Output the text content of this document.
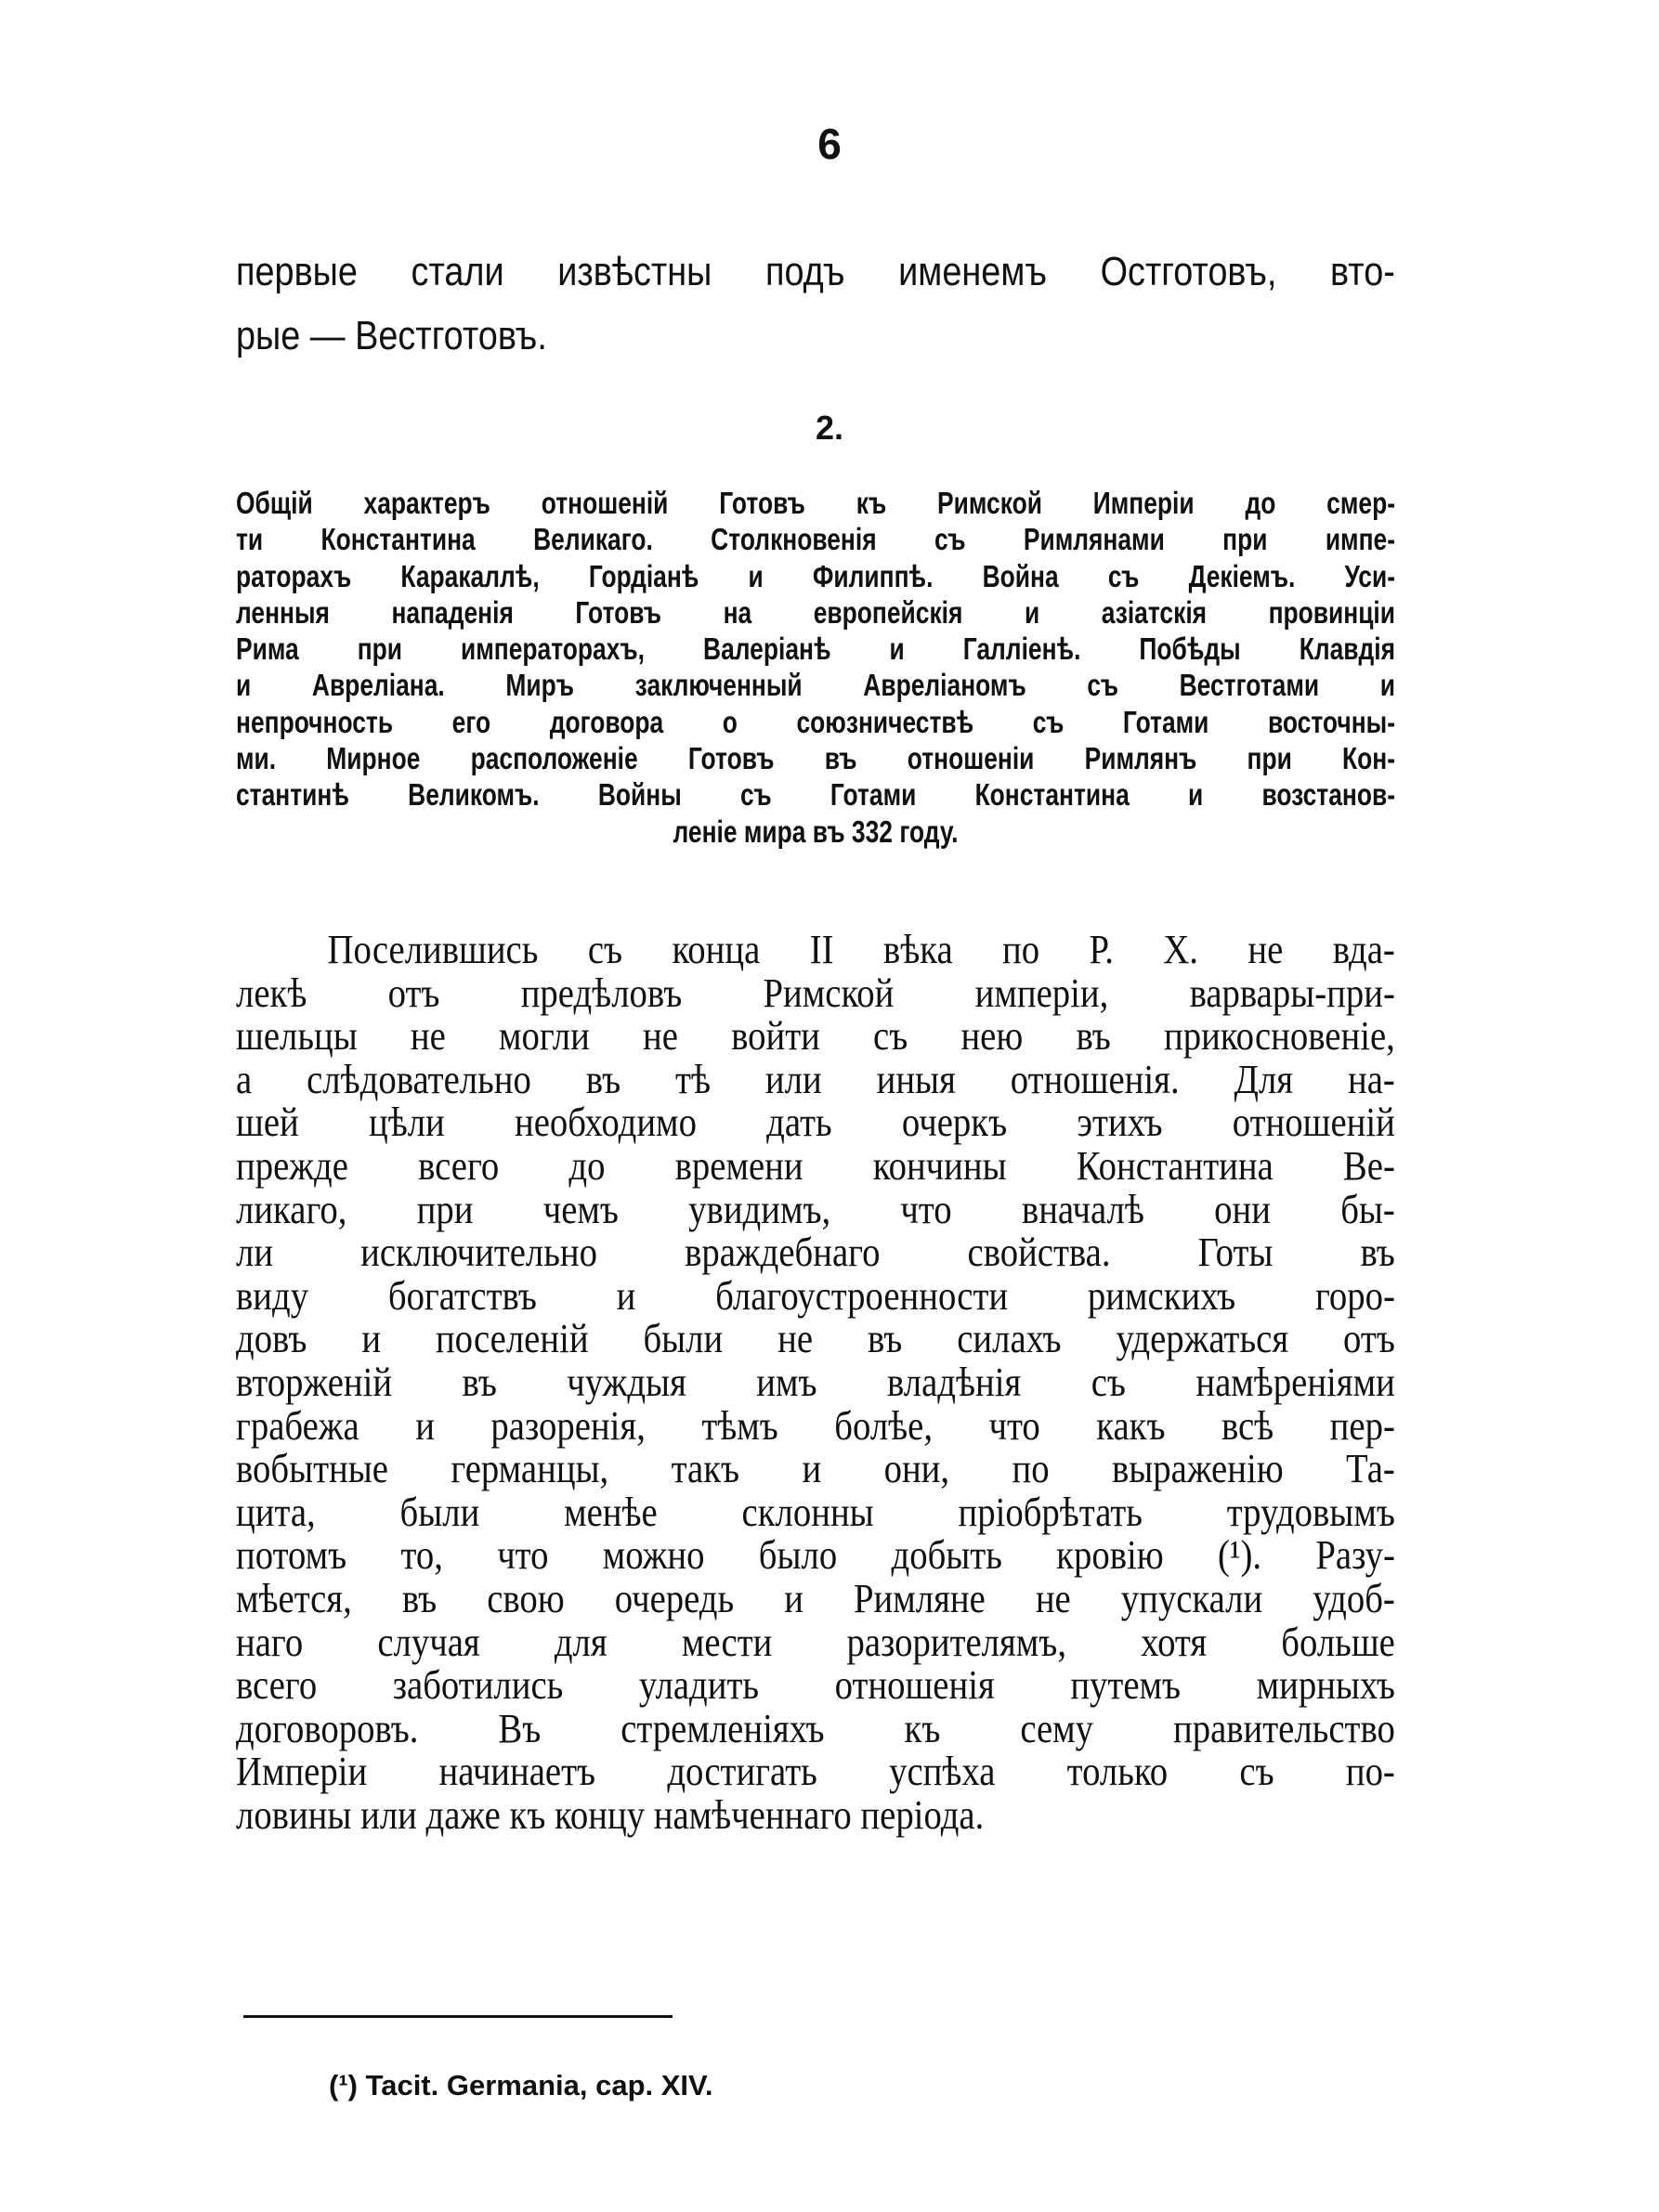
6
первые стали извѣстны подъ именемъ Остготовъ, вто-
рые — Вестготовъ.
2.
Общій характеръ отношеній Готовъ къ Римской Имперіи до смер-
ти Константина Великаго. Столкновенія съ Римлянами при импе-
раторахъ Каракаллѣ, Гордіанѣ и Филиппѣ. Война съ Декіемъ. Уси-
ленныя нападенія Готовъ на европейскія и азіатскія провинціи
Рима при императорахъ, Валеріанѣ и Галліенѣ. Побѣды Клавдія
и Авреліана. Миръ заключенный Авреліаномъ съ Вестготами и
непрочность его договора о союзничествѣ съ Готами восточны-
ми. Мирное расположеніе Готовъ въ отношеніи Римлянъ при Кон-
стантинѣ Великомъ. Войны съ Готами Константина и возстанов-
леніе мира въ 332 году.
Поселившись съ конца II вѣка по Р. Х. не вда-
лекѣ отъ предѣловъ Римской имперіи, варвары-при-
шельцы не могли не войти съ нею въ прикосновеніе,
а слѣдовательно въ тѣ или иныя отношенія. Для на-
шей цѣли необходимо дать очеркъ этихъ отношеній
прежде всего до времени кончины Константина Ве-
ликаго, при чемъ увидимъ, что вначалѣ они бы-
ли исключительно враждебнаго свойства. Готы въ
виду богатствъ и благоустроенности римскихъ горо-
довъ и поселеній были не въ силахъ удержаться отъ
вторженій въ чуждыя имъ владѣнія съ намѣреніями
грабежа и разоренія, тѣмъ болѣе, что какъ всѣ пер-
вобытные германцы, такъ и они, по выраженію Та-
цита, были менѣе склонны пріобрѣтать трудовымъ
потомъ то, что можно было добыть кровію (¹). Разу-
мѣется, въ свою очередь и Римляне не упускали удоб-
наго случая для мести разорителямъ, хотя больше
всего заботились уладить отношенія путемъ мирныхъ
договоровъ. Въ стремленіяхъ къ сему правительство
Имперіи начинаетъ достигать успѣха только съ по-
ловины или даже къ концу намѣченнаго періода.
(¹) Tacit. Germania, cap. XIV.
